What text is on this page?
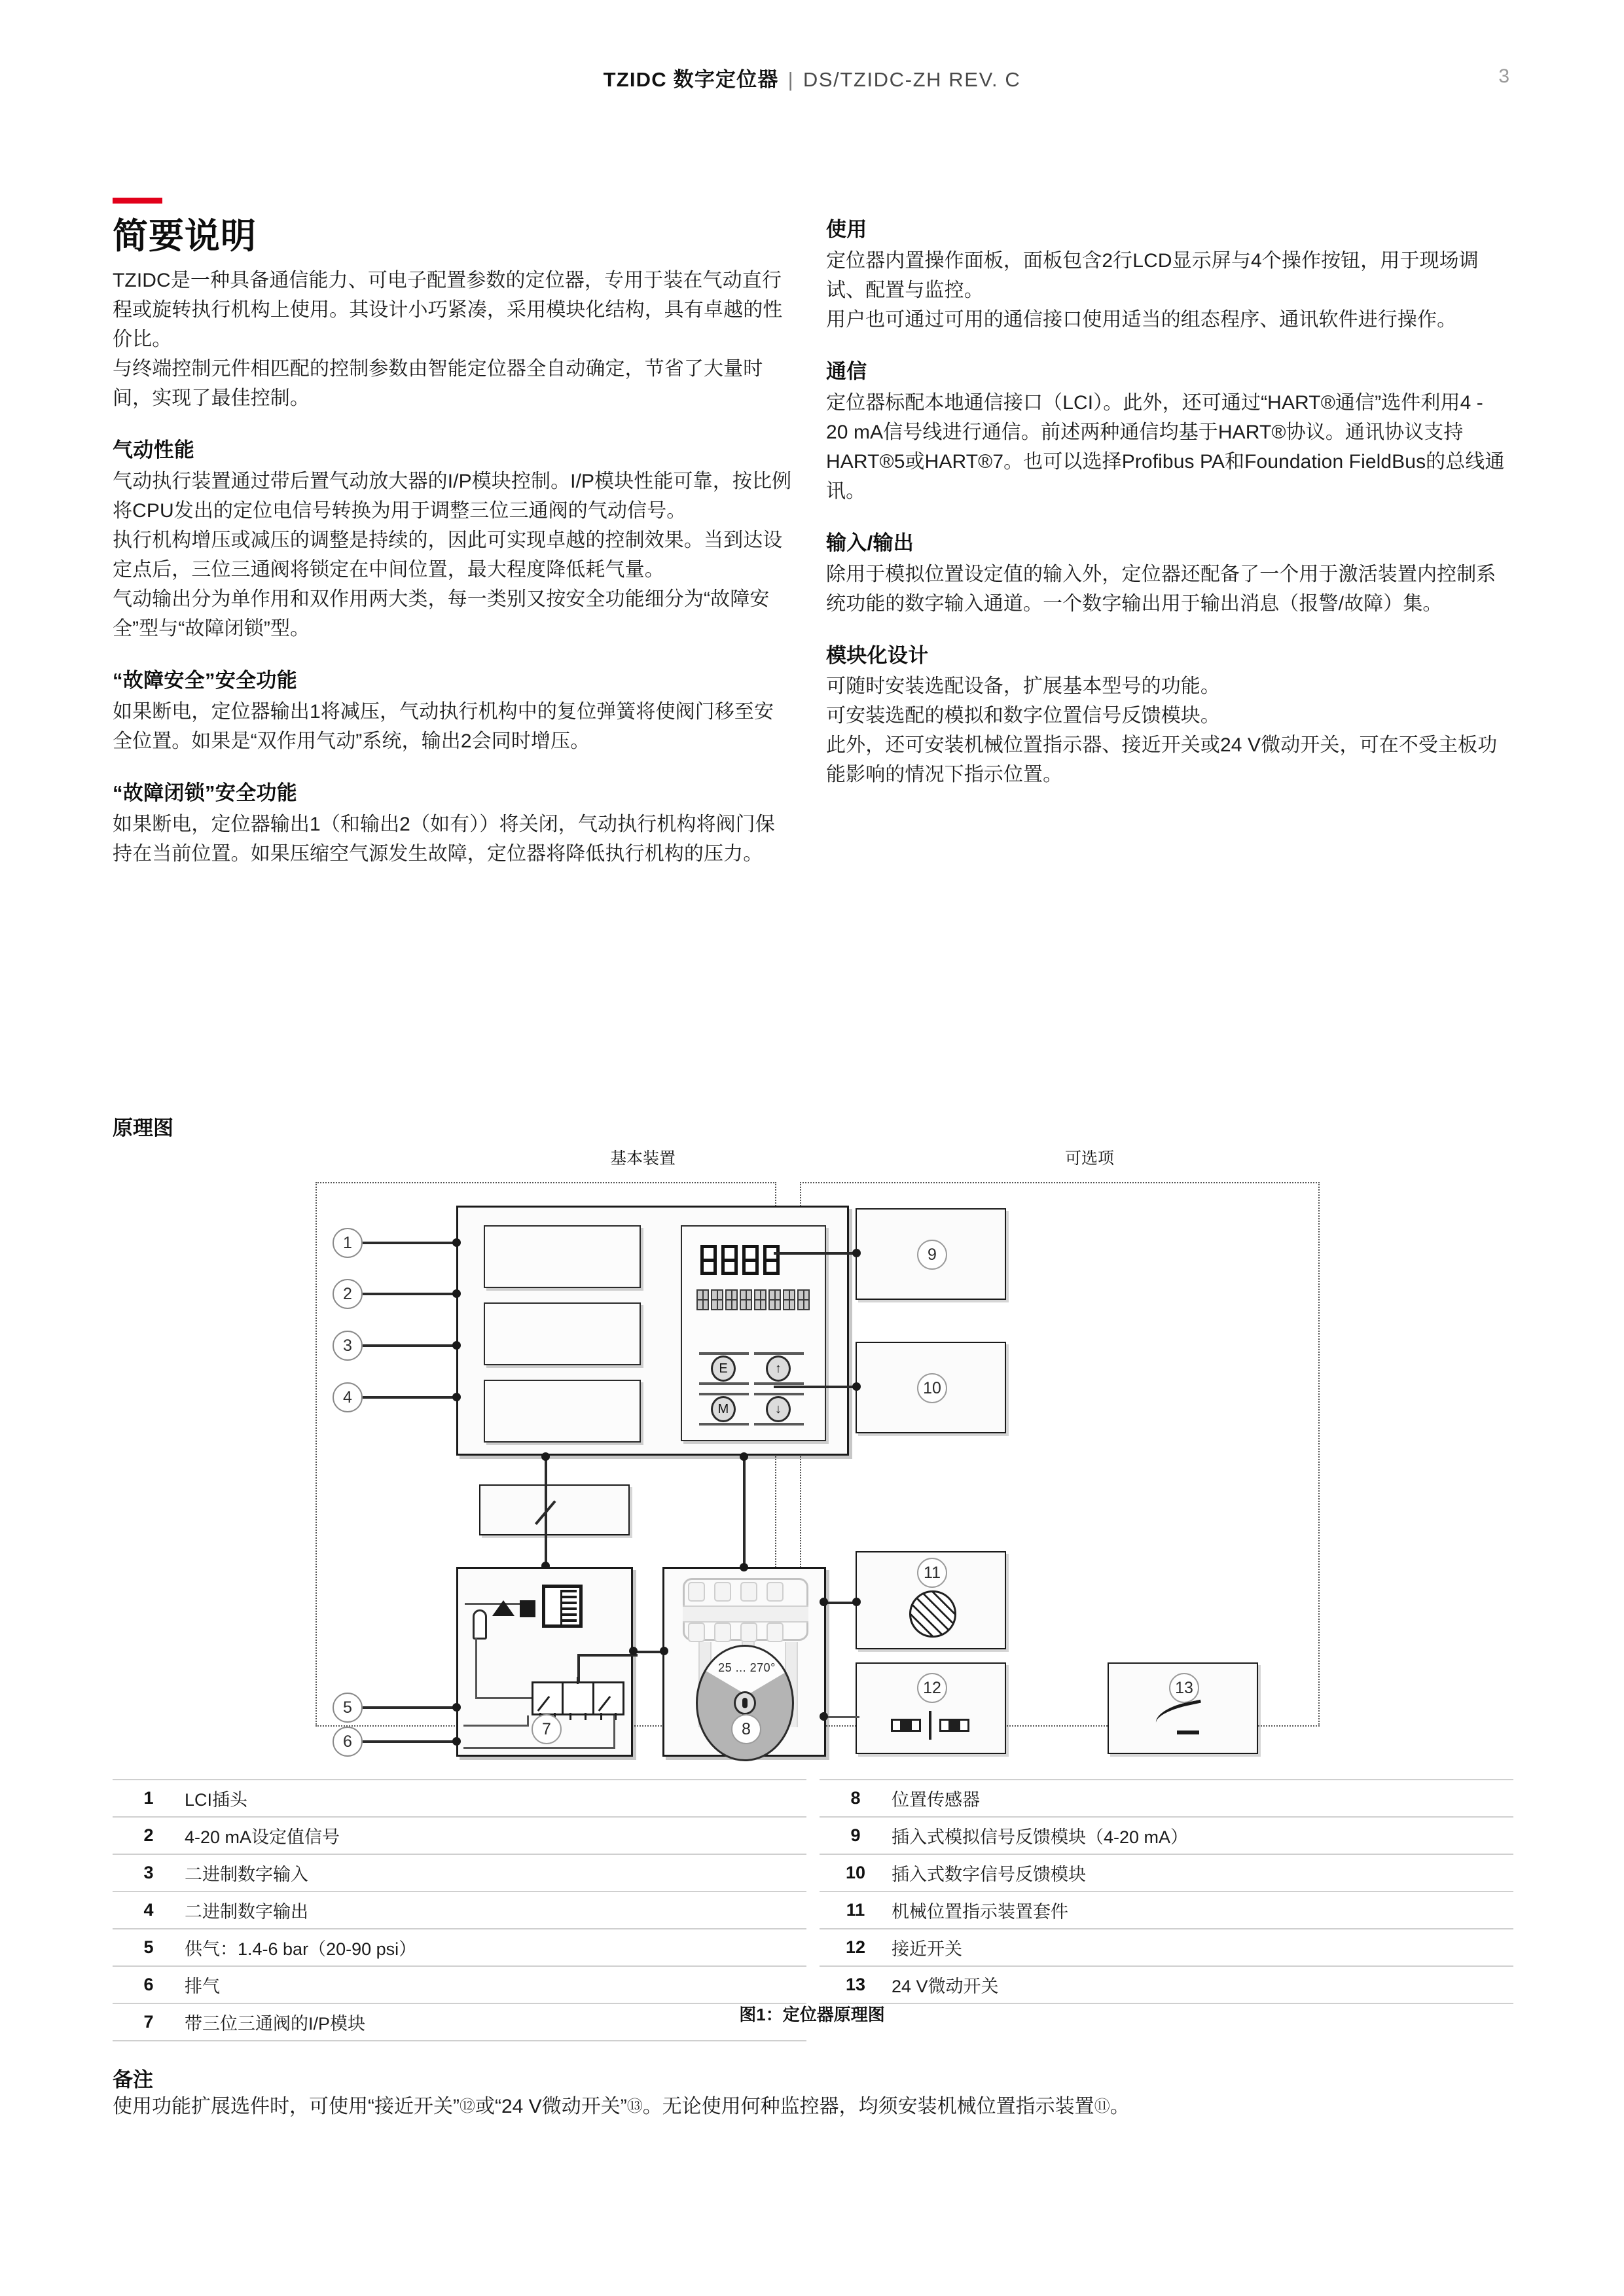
TZIDC 数字定位器 | DS/TZIDC-ZH REV. C	3
简要说明

TZIDC是一种具备通信能力、可电子配置参数的定位器，专用于装在气动直行程或旋转执行机构上使用。其设计小巧紧凑，采用模块化结构，具有卓越的性价比。

与终端控制元件相匹配的控制参数由智能定位器全自动确定，节省了大量时间，实现了最佳控制。

气动性能

气动执行装置通过带后置气动放大器的I/P模块控制。I/P模块性能可靠，按比例将CPU发出的定位电信号转换为用于调整三位三通阀的气动信号。

执行机构增压或减压的调整是持续的，因此可实现卓越的控制效果。当到达设定点后，三位三通阀将锁定在中间位置，最大程度降低耗气量。

气动输出分为单作用和双作用两大类，每一类别又按安全功能细分为“故障安全”型与“故障闭锁”型。

“故障安全”安全功能

如果断电，定位器输出1将减压，气动执行机构中的复位弹簧将使阀门移至安全位置。如果是“双作用气动”系统，输出2会同时增压。

“故障闭锁”安全功能

如果断电，定位器输出1（和输出2（如有））将关闭，气动执行机构将阀门保持在当前位置。如果压缩空气源发生故障，定位器将降低执行机构的压力。

使用

定位器内置操作面板，面板包含2行LCD显示屏与4个操作按钮，用于现场调试、配置与监控。

用户也可通过可用的通信接口使用适当的组态程序、通讯软件进行操作。

通信

定位器标配本地通信接口（LCI）。此外，还可通过“HART®通信”选件利用4 - 20 mA信号线进行通信。前述两种通信均基于HART®协议。通讯协议支持HART®5或HART®7。也可以选择Profibus PA和Foundation FieldBus的总线通讯。

输入/输出

除用于模拟位置设定值的输入外，定位器还配备了一个用于激活装置内控制系统功能的数字输入通道。一个数字输出用于输出消息（报警/故障）集。

模块化设计

可随时安装选配设备，扩展基本型号的功能。

可安装选配的模拟和数字位置信号反馈模块。

此外，还可安装机械位置指示器、接近开关或24 V微动开关，可在不受主板功能影响的情况下指示位置。

原理图
基本装置	可选项
E	↑
M	↓
1
2
3
4
7
5
6
25 ... 270°
8
9
10
11
12	13
1	LCI插头
2	4-20 mA设定值信号
3	二进制数字输入
4	二进制数字输出
5	供气：1.4-6 bar（20-90 psi）
6	排气
7	带三位三通阀的I/P模块
8	位置传感器
9	插入式模拟信号反馈模块（4-20 mA）
10	插入式数字信号反馈模块
11	机械位置指示装置套件
12	接近开关
13	24 V微动开关
图1：定位器原理图
备注
使用功能扩展选件时，可使用“接近开关”⑫或“24 V微动开关”⑬。无论使用何种监控器，均须安装机械位置指示装置⑪。
